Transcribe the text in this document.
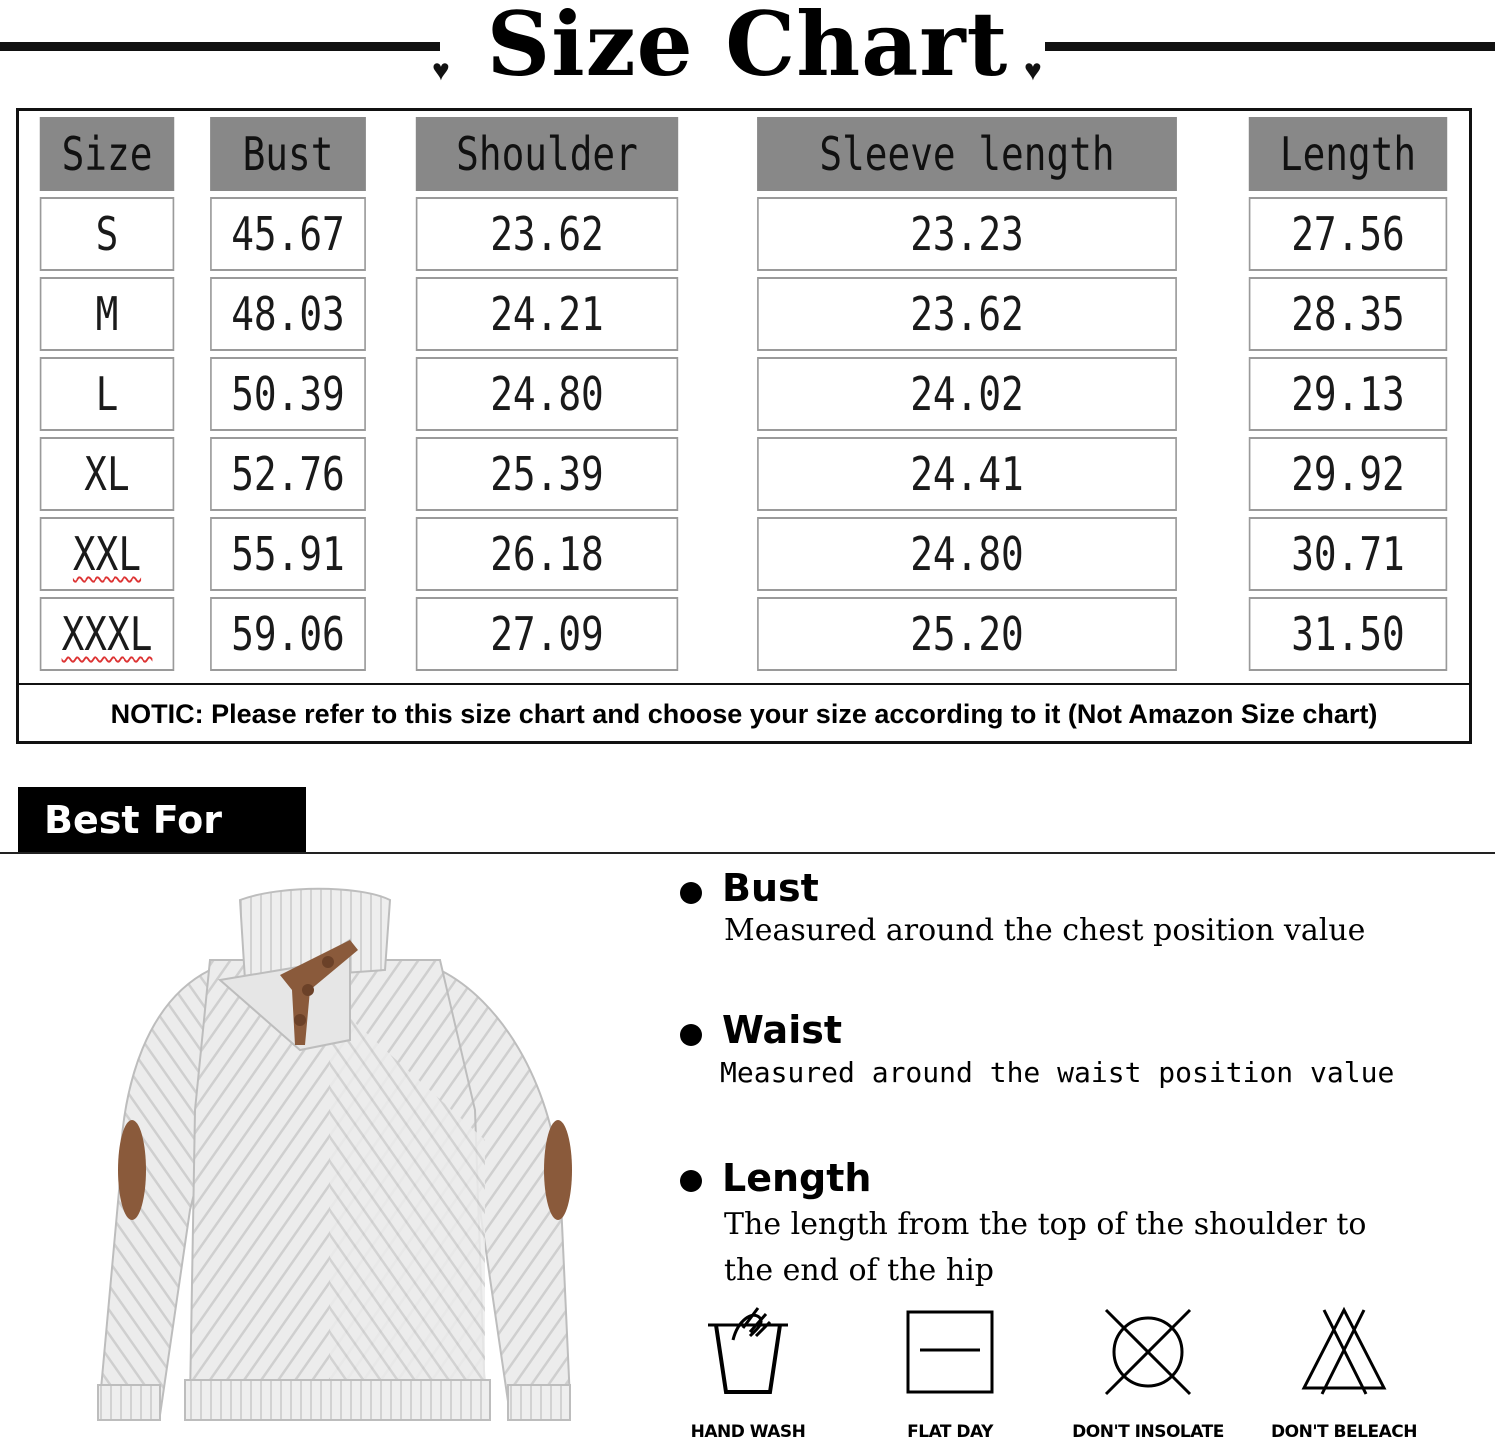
♥ Size Chart ♥
Size	Bust	Shoulder	Sleeve length	Length
S	45.67	23.62	23.23	27.56
M	48.03	24.21	23.62	28.35
L	50.39	24.80	24.02	29.13
XL	52.76	25.39	24.41	29.92
XXL	55.91	26.18	24.80	30.71
XXXL	59.06	27.09	25.20	31.50
NOTIC: Please refer to this size chart and choose your size according to it (Not Amazon Size chart)
Best For You	Bust
Measured around the chest position value
Waist
Measured around the waist position value
Length
The length from the top of the shoulder to
the end of the hip
HAND WASH	FLAT DAY	DON'T INSOLATE	DON'T BELEACH
